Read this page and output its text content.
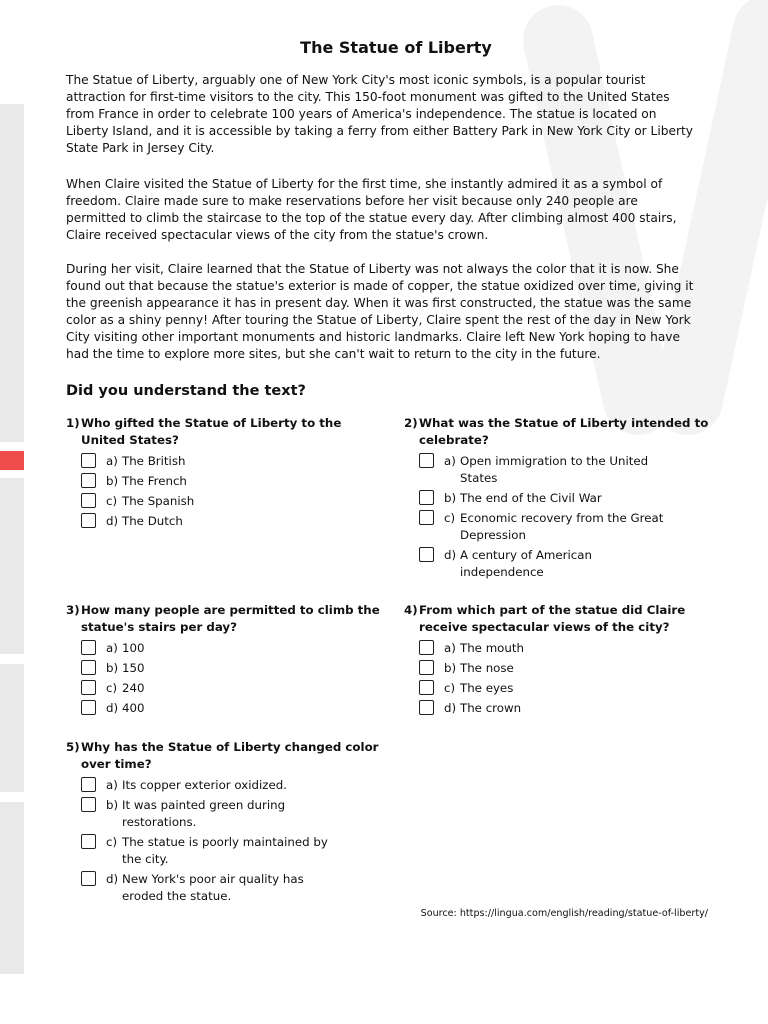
The Statue of Liberty

The Statue of Liberty, arguably one of New York City's most iconic symbols, is a popular tourist attraction for first-time visitors to the city. This 150-foot monument was gifted to the United States from France in order to celebrate 100 years of America's independence. The statue is located on Liberty Island, and it is accessible by taking a ferry from either Battery Park in New York City or Liberty State Park in Jersey City.

When Claire visited the Statue of Liberty for the first time, she instantly admired it as a symbol of freedom. Claire made sure to make reservations before her visit because only 240 people are permitted to climb the staircase to the top of the statue every day. After climbing almost 400 stairs, Claire received spectacular views of the city from the statue's crown.

During her visit, Claire learned that the Statue of Liberty was not always the color that it is now. She found out that because the statue's exterior is made of copper, the statue oxidized over time, giving it the greenish appearance it has in present day. When it was first constructed, the statue was the same color as a shiny penny! After touring the Statue of Liberty, Claire spent the rest of the day in New York City visiting other important monuments and historic landmarks. Claire left New York hoping to have had the time to explore more sites, but she can't wait to return to the city in the future.

Did you understand the text?
1)Who gifted the Statue of Liberty to the United States?
a) The British
b) The French
c) The Spanish
d) The Dutch
2)What was the Statue of Liberty intended to celebrate?
a) Open immigration to the United States
b) The end of the Civil War
c) Economic recovery from the Great Depression
d) A century of American independence
3)How many people are permitted to climb the statue's stairs per day?
a) 100
b) 150
c) 240
d) 400
4)From which part of the statue did Claire receive spectacular views of the city?
a) The mouth
b) The nose
c) The eyes
d) The crown
5)Why has the Statue of Liberty changed color over time?
a) Its copper exterior oxidized.
b) It was painted green during restorations.
c) The statue is poorly maintained by the city.
d) New York's poor air quality has eroded the statue.
Source: https://lingua.com/english/reading/statue-of-liberty/
